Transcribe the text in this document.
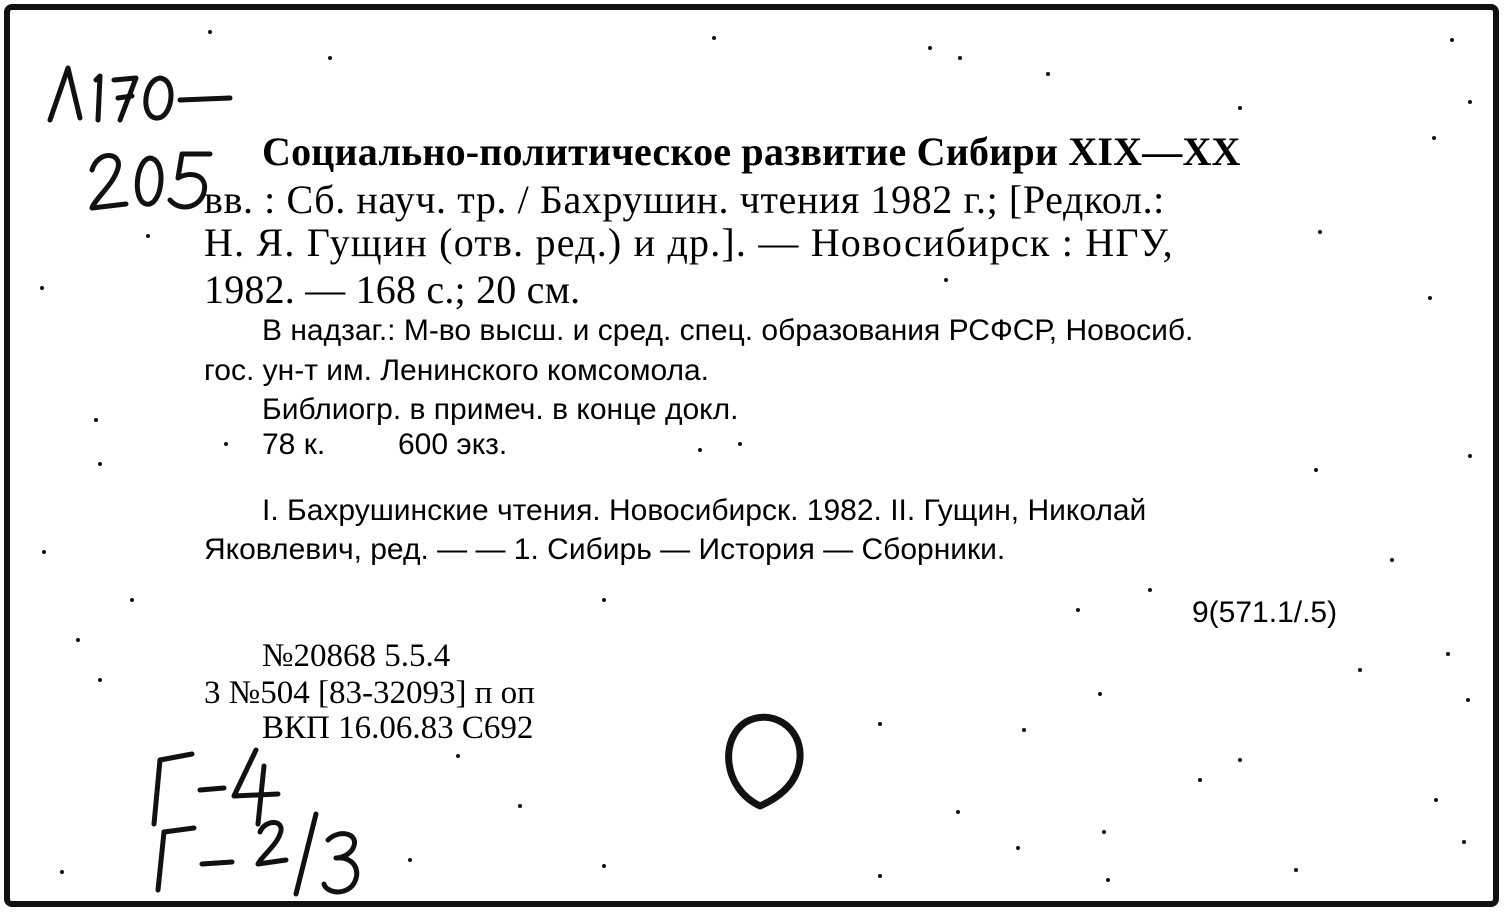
Социально-политическое развитие Сибири XIX—XX
вв. : Сб. науч. тр. / Бахрушин. чтения 1982 г.; [Редкол.:
Н. Я. Гущин (отв. ред.) и др.]. — Новосибирск : НГУ,
1982. — 168 с.; 20 см.
В надзаг.: М-во высш. и сред. спец. образования РСФСР, Новосиб.
гос. ун-т им. Ленинского комсомола.
Библиогр. в примеч. в конце докл.
78 к. 600 экз.
I. Бахрушинские чтения. Новосибирск. 1982. II. Гущин, Николай
Яковлевич, ред. — — 1. Сибирь — История — Сборники.
9(571.1/.5)
№20868 5.5.4
3 №504 [83-32093] п оп
ВКП 16.06.83 С692
